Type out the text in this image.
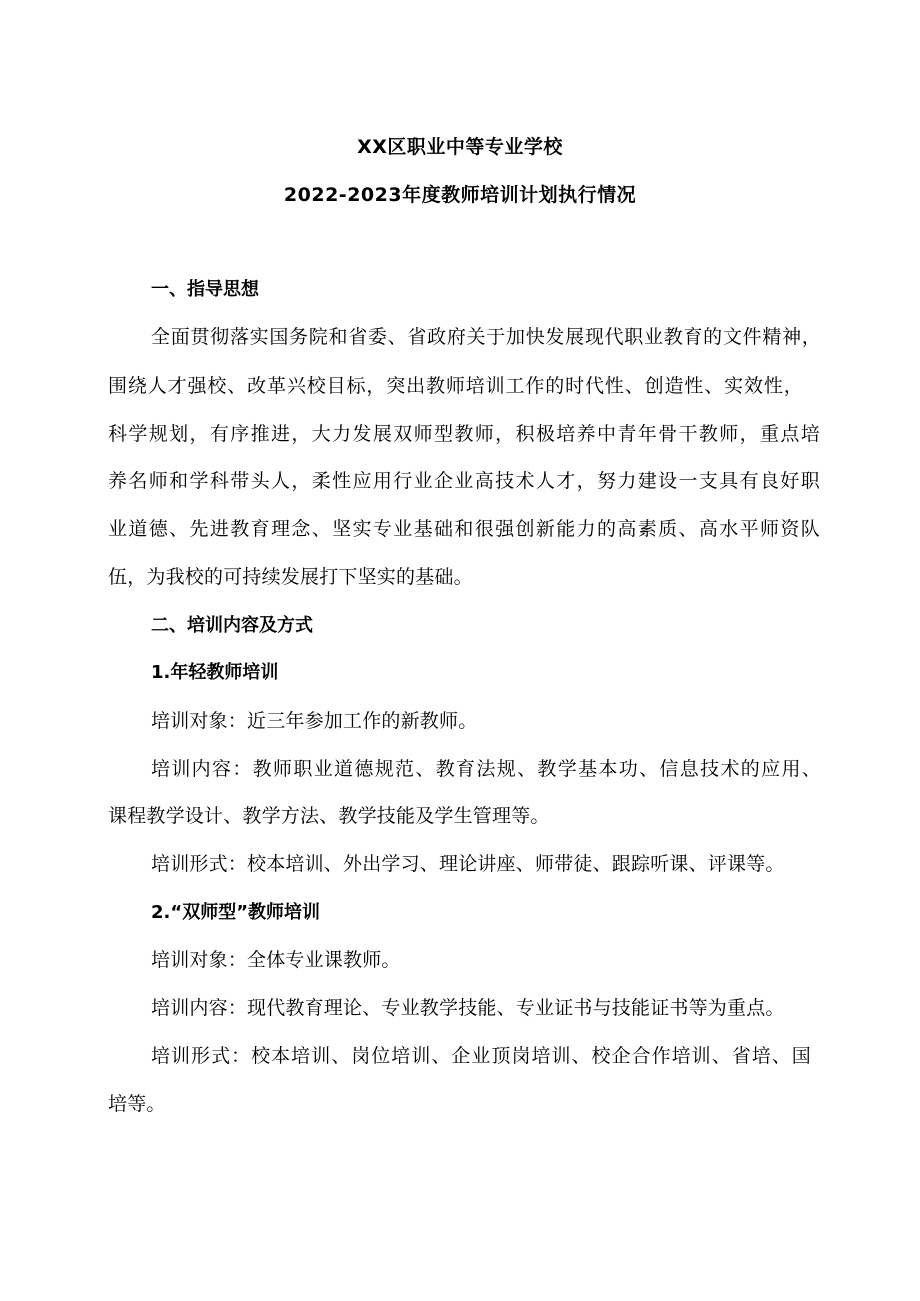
XX区职业中等专业学校
2022-2023年度教师培训计划执行情况
一、指导思想
全面贯彻落实国务院和省委、省政府关于加快发展现代职业教育的文件精神，
围绕人才强校、改革兴校目标，突出教师培训工作的时代性、创造性、实效性，
科学规划，有序推进，大力发展双师型教师，积极培养中青年骨干教师，重点培
养名师和学科带头人，柔性应用行业企业高技术人才，努力建设一支具有良好职
业道德、先进教育理念、坚实专业基础和很强创新能力的高素质、高水平师资队
伍，为我校的可持续发展打下坚实的基础。
二、培训内容及方式
1.年轻教师培训
培训对象：近三年参加工作的新教师。
培训内容：教师职业道德规范、教育法规、教学基本功、信息技术的应用、
课程教学设计、教学方法、教学技能及学生管理等。
培训形式：校本培训、外出学习、理论讲座、师带徒、跟踪听课、评课等。
2.“双师型”教师培训
培训对象：全体专业课教师。
培训内容：现代教育理论、专业教学技能、专业证书与技能证书等为重点。
培训形式：校本培训、岗位培训、企业顶岗培训、校企合作培训、省培、国
培等。
